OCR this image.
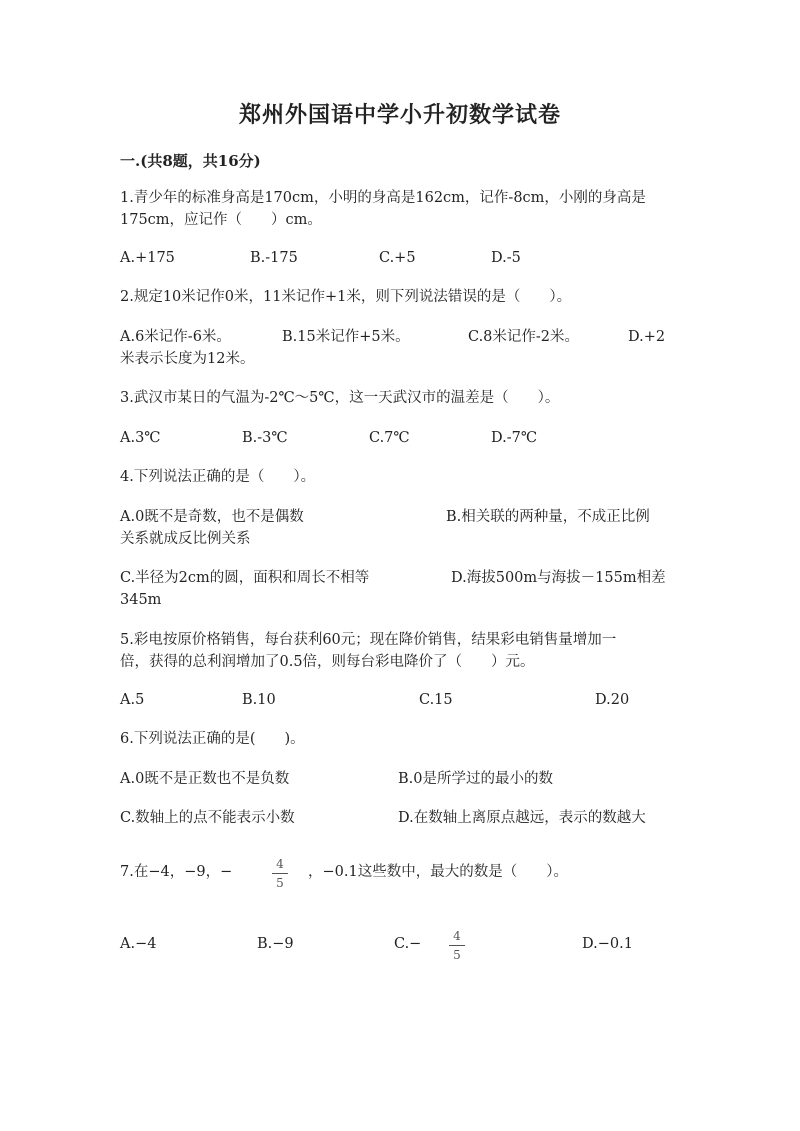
郑州外国语中学小升初数学试卷
一.(共8题，共16分)
1.青少年的标准身高是170cm，小明的身高是162cm，记作-8cm，小刚的身高是
175cm，应记作（　　）cm。
A.+175	B.-175	C.+5	D.-5
2.规定10米记作0米，11米记作+1米，则下列说法错误的是（　　）。
A.6米记作-6米。	B.15米记作+5米。	C.8米记作-2米。	D.+2
米表示长度为12米。
3.武汉市某日的气温为-2℃～5℃，这一天武汉市的温差是（　　）。
A.3℃	B.-3℃	C.7℃	D.-7℃
4.下列说法正确的是（　　）。
A.0既不是奇数，也不是偶数	B.相关联的两种量，不成正比例
关系就成反比例关系
C.半径为2cm的圆，面积和周长不相等	D.海拔500m与海拔－155m相差
345m
5.彩电按原价格销售，每台获利60元；现在降价销售，结果彩电销售量增加一
倍，获得的总利润增加了0.5倍，则每台彩电降价了（　　）元。
A.5	B.10	C.15	D.20
6.下列说法正确的是(　　)。
A.0既不是正数也不是负数	B.0是所学过的最小的数
C.数轴上的点不能表示小数	D.在数轴上离原点越远，表示的数越大
7.在−4，−9，−	4
5
，−0.1这些数中，最大的数是（　　）。
A.−4	B.−9	C.−	4
5
D.−0.1
